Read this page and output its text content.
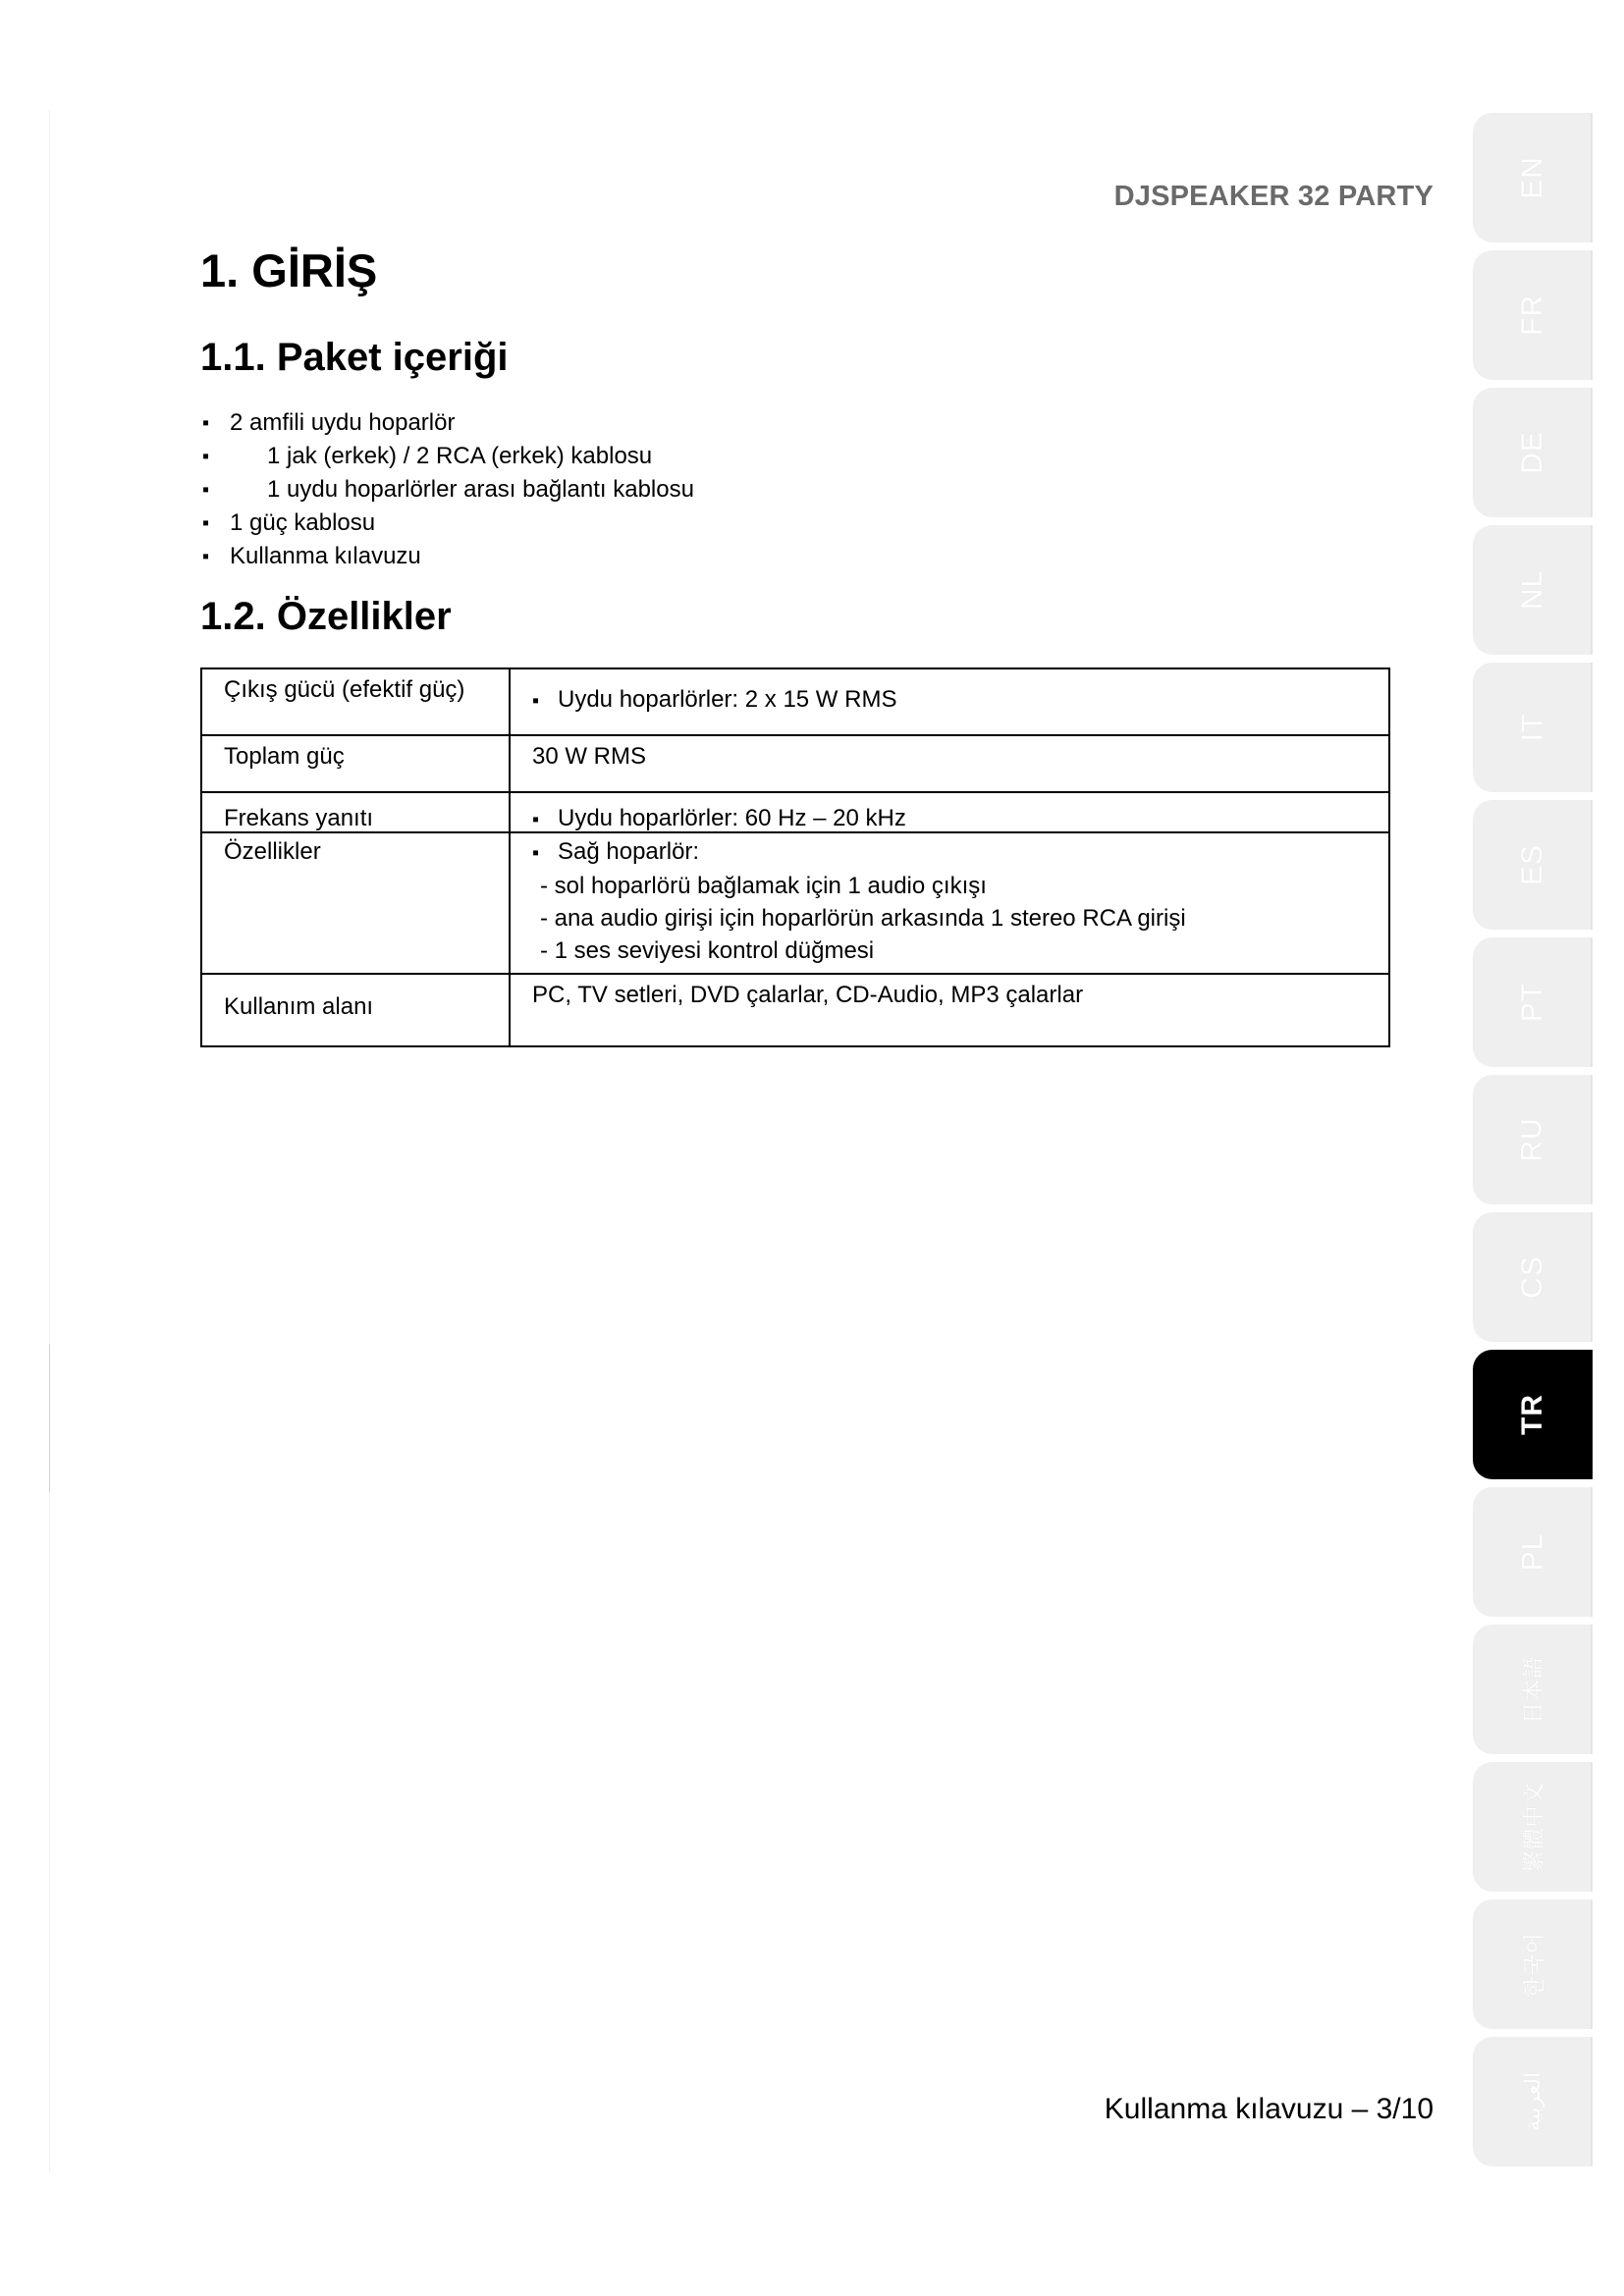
DJSPEAKER 32 PARTY
1. GİRİŞ
1.1. Paket içeriği
▪ 2 amfili uydu hoparlör
▪ 1 jak (erkek) / 2 RCA (erkek) kablosu
▪ 1 uydu hoparlörler arası bağlantı kablosu
▪ 1 güç kablosu
▪ Kullanma kılavuzu
1.2. Özellikler
Çıkış gücü (efektif güç)	▪ Uydu hoparlörler: 2 x 15 W RMS
Toplam güç	30 W RMS
Frekans yanıtı	▪ Uydu hoparlörler: 60 Hz – 20 kHz
Özellikler	▪ Sağ hoparlör:
- sol hoparlörü bağlamak için 1 audio çıkışı
- ana audio girişi için hoparlörün arkasında 1 stereo RCA girişi
- 1 ses seviyesi kontrol düğmesi

Kullanım alanı	PC, TV setleri, DVD çalarlar, CD-Audio, MP3 çalarlar
Kullanma kılavuzu – 3/10
EN
FR
DE
NL
IT
ES
PT
RU
CS
TR
PL
日本語
繁體中文
한국어
العربية
